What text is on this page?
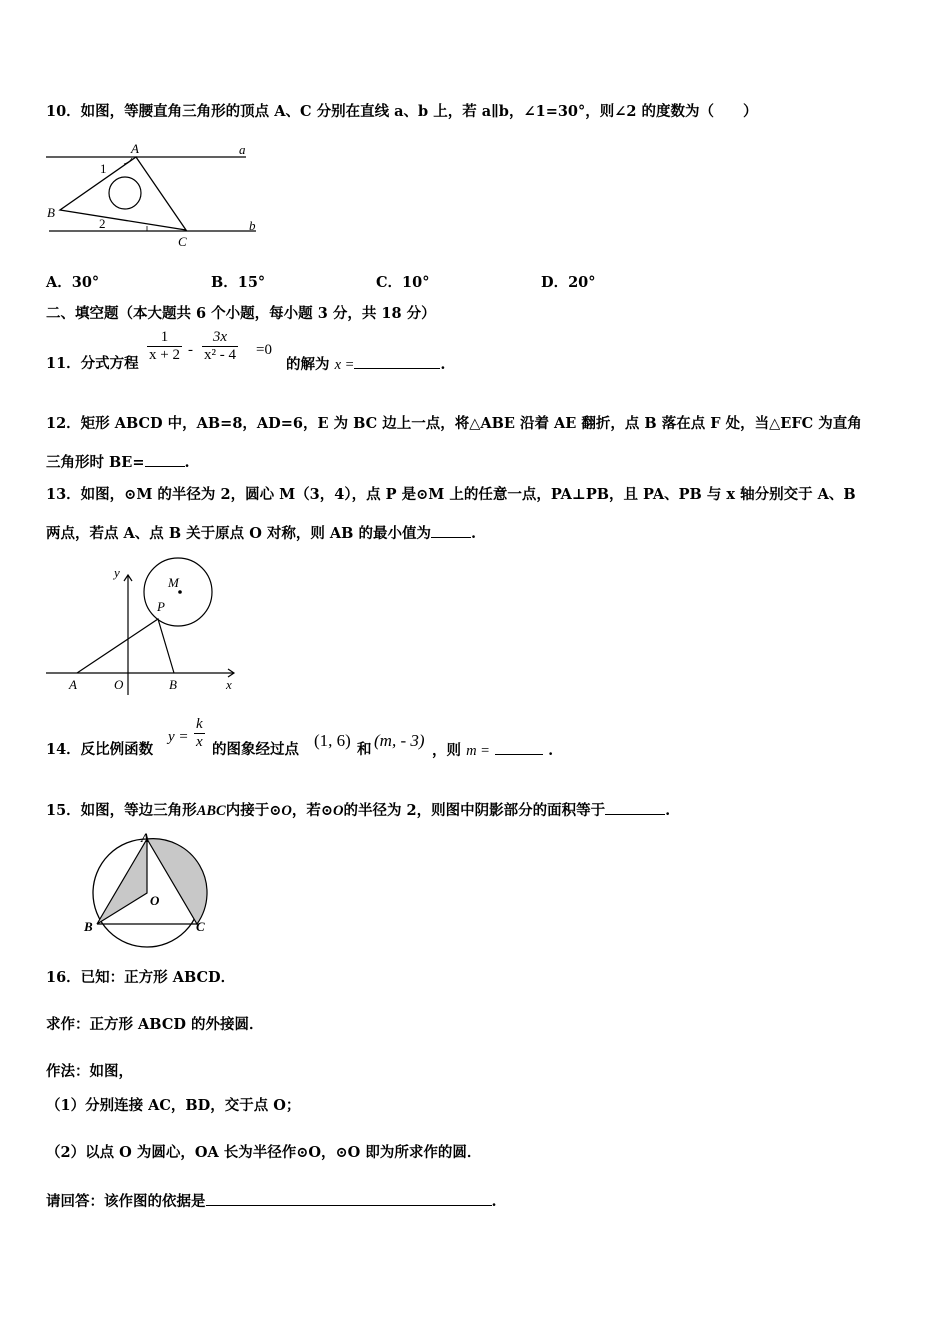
10．如图，等腰直角三角形的顶点 A、C 分别在直线 a、b 上，若 a∥b，∠1=30°，则∠2 的度数为（　　）
A	a
1
B
2
C
b
A．30°	B．15°	C．10°	D．20°
二、填空题（本大题共 6 个小题，每小题 3 分，共 18 分）
11．分式方程 $\frac{1}{x + 2} - \frac{3x}{\text{x² - 4}} =0$
的解为 x =	.
12．矩形 ABCD 中，AB=8，AD=6，E 为 BC 边上一点，将△ABE 沿着 AE 翻折，点 B 落在点 F 处，当△EFC 为直角
三角形时 BE=	.
13．如图，⊙M 的半径为 2，圆心 M（3，4），点 P 是⊙M 上的任意一点，PA⊥PB，且 PA、PB 与 x 轴分别交于 A、B
两点，若点 A、点 B 关于原点 O 对称，则 AB 的最小值为	.
y
M
P
A	O	B	x
14．反比例函数
$y = \frac{k}{x}$ 的图象经过点 (1, 6) 和 (m, - 3)
，则 m =	.
15．如图，等边三角形ABC内接于⊙O，若⊙O的半径为 2，则图中阴影部分的面积等于	.
A
O
B	C
16．已知：正方形 ABCD．
求作：正方形 ABCD 的外接圆．
作法：如图，
（1）分别连接 AC，BD，交于点 O；
（2）以点 O 为圆心，OA 长为半径作⊙O，⊙O 即为所求作的圆．
请回答：该作图的依据是	.
